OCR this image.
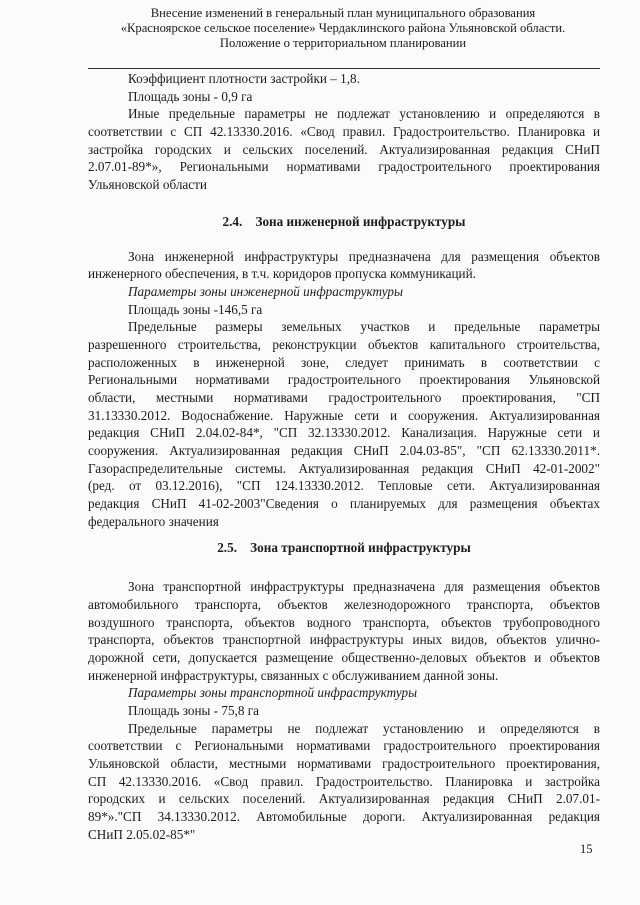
Внесение изменений в генеральный план муниципального образования
«Красноярское сельское поселение» Чердаклинского района Ульяновской области.
Положение о территориальном планировании
Коэффициент плотности застройки – 1,8.
Площадь зоны - 0,9 га
Иные предельные параметры не подлежат установлению и определяются в
соответствии с СП 42.13330.2016. «Свод правил. Градостроительство. Планировка и
застройка городских и сельских поселений. Актуализированная редакция СНиП
2.07.01-89*», Региональными нормативами градостроительного проектирования
Ульяновской области
2.4. Зона инженерной инфраструктуры
Зона инженерной инфраструктуры предназначена для размещения объектов
инженерного обеспечения, в т.ч. коридоров пропуска коммуникаций.
Параметры зоны инженерной инфраструктуры
Площадь зоны -146,5 га
Предельные размеры земельных участков и предельные параметры
разрешенного строительства, реконструкции объектов капитального строительства,
расположенных в инженерной зоне, следует принимать в соответствии с
Региональными нормативами градостроительного проектирования Ульяновской
области, местными нормативами градостроительного проектирования, "СП
31.13330.2012. Водоснабжение. Наружные сети и сооружения. Актуализированная
редакция СНиП 2.04.02-84*, "СП 32.13330.2012. Канализация. Наружные сети и
сооружения. Актуализированная редакция СНиП 2.04.03-85", "СП 62.13330.2011*.
Газораспределительные системы. Актуализированная редакция СНиП 42-01-2002"
(ред. от 03.12.2016), "СП 124.13330.2012. Тепловые сети. Актуализированная
редакция СНиП 41-02-2003"Сведения о планируемых для размещения объектах
федерального значения
2.5. Зона транспортной инфраструктуры
Зона транспортной инфраструктуры предназначена для размещения объектов
автомобильного транспорта, объектов железнодорожного транспорта, объектов
воздушного транспорта, объектов водного транспорта, объектов трубопроводного
транспорта, объектов транспортной инфраструктуры иных видов, объектов улично-
дорожной сети, допускается размещение общественно-деловых объектов и объектов
инженерной инфраструктуры, связанных с обслуживанием данной зоны.
Параметры зоны транспортной инфраструктуры
Площадь зоны - 75,8 га
Предельные параметры не подлежат установлению и определяются в
соответствии с Региональными нормативами градостроительного проектирования
Ульяновской области, местными нормативами градостроительного проектирования,
СП 42.13330.2016. «Свод правил. Градостроительство. Планировка и застройка
городских и сельских поселений. Актуализированная редакция СНиП 2.07.01-
89*»."СП 34.13330.2012. Автомобильные дороги. Актуализированная редакция
СНиП 2.05.02-85*"
15
